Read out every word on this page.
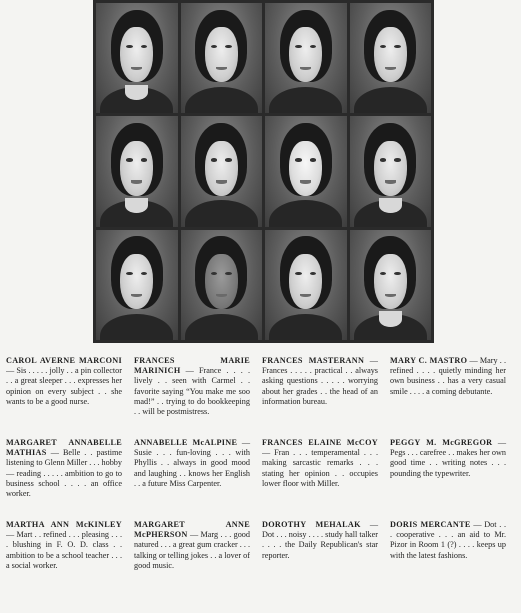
CAROL AVERNE MARCONI— Sis . . . . . jolly . . a pin collector . . a great sleeper . . . expresses her opinion on every subject . . she wants to be a good nurse.
FRANCES MARIE MARINICH — France . . . . lively . . seen with Carmel . . favorite saying “You make me soo mad!” . . trying to do bookkeeping . . will be postmistress.
FRANCES MASTERANN — Frances . . . . . practical . . always asking questions . . . . . worrying about her grades . . the head of an information bureau.
MARY C. MASTRO — Mary . . refined . . . . quietly minding her own business . . has a very casual smile . . . . a coming debutante.
MARGARET ANNABELLE MATHIAS — Belle . . pastime listening to Glenn Miller . . . hobby — reading . . . . . ambition to go to business school . . . . an office worker.
ANNABELLE McALPINE — Susie . . . fun-loving . . . with Phyllis . . always in good mood and laughing . . knows her English . . a future Miss Carpenter.
FRANCES ELAINE McCOY — Fran . . . temperamental . . . making sarcastic remarks . . . stating her opinion . . occupies lower floor with Miller.
PEGGY M. McGREGOR — Pegs . . . carefree . . makes her own good time . . writing notes . . . pounding the typewriter.
MARTHA ANN McKINLEY — Mart . . refined . . . pleasing . . . . blushing in F. O. D. class . . ambition to be a school teacher . . . a social worker.
MARGARET ANNE McPHERSON — Marg . . . good natured . . . a great gum cracker . . . talking or telling jokes . . a lover of good music.
DOROTHY MEHALAK — Dot . . . noisy . . . . study hall talker . . . . the Daily Republican's star reporter.
DORIS MERCANTE — Dot . . . cooperative . . . an aid to Mr. Pizor in Room 1 (?) . . . . keeps up with the latest fashions.
